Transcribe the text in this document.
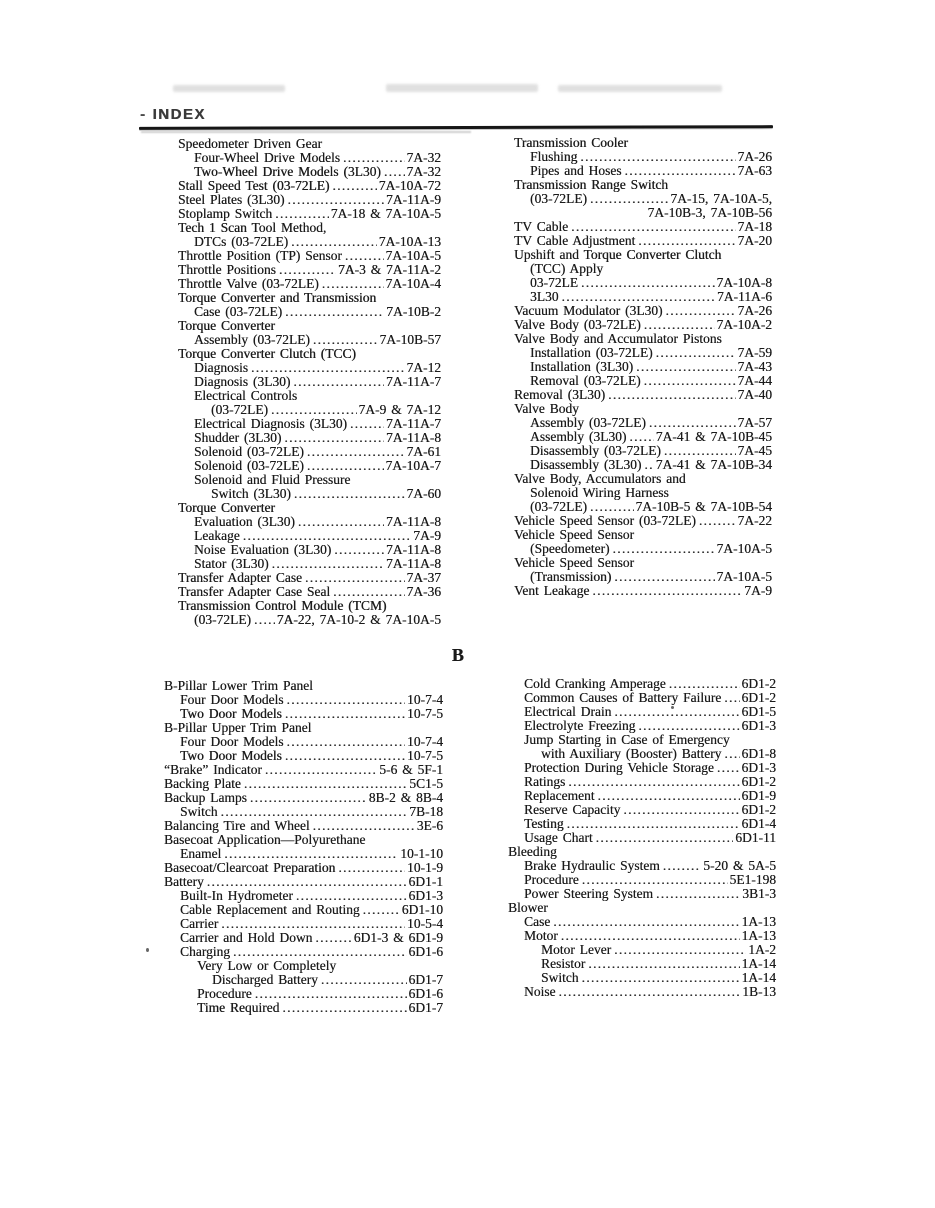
- INDEX
Speedometer Driven Gear
Four-Wheel Drive Models .....	7A-32
Two-Wheel Drive Models (3L30) ..... 7A-32
Stall Speed Test (03-72LE) .....	7A-10A-72
Steel Plates (3L30) .....	7A-11A-9
Stoplamp Switch .....	7A-18 & 7A-10A-5
Tech 1 Scan Tool Method,
DTCs (03-72LE) .....	7A-10A-13
Throttle Position (TP) Sensor .....	7A-10A-5
Throttle Positions .....	7A-3 & 7A-11A-2
Throttle Valve (03-72LE) .....	7A-10A-4
Torque Converter and Transmission
Case (03-72LE) .....	7A-10B-2
Torque Converter
Assembly (03-72LE) .....	7A-10B-57
Torque Converter Clutch (TCC)
Diagnosis .....	7A-12
Diagnosis (3L30) .....	7A-11A-7
Electrical Controls
(03-72LE) .....	7A-9 & 7A-12
Electrical Diagnosis (3L30) .....	7A-11A-7
Shudder (3L30) .....	7A-11A-8
Solenoid (03-72LE) .....	7A-61
Solenoid (03-72LE) .....	7A-10A-7
Solenoid and Fluid Pressure
Switch (3L30) .....	7A-60
Torque Converter
Evaluation (3L30) .....	7A-11A-8
Leakage .....	7A-9
Noise Evaluation (3L30) .....	7A-11A-8
Stator (3L30) .....	7A-11A-8
Transfer Adapter Case .....	7A-37
Transfer Adapter Case Seal .....	7A-36
Transmission Control Module (TCM)
(03-72LE) ..... 7A-22, 7A-10-2 & 7A-10A-5
Transmission Cooler
Flushing .....	7A-26
Pipes and Hoses .....	7A-63
Transmission Range Switch
(03-72LE) .....	7A-15, 7A-10A-5,
7A-10B-3, 7A-10B-56
TV Cable .....	7A-18
TV Cable Adjustment .....	7A-20
Upshift and Torque Converter Clutch
(TCC) Apply
03-72LE .....	7A-10A-8
3L30 .....	7A-11A-6
Vacuum Modulator (3L30) .....	7A-26
Valve Body (03-72LE) .....	7A-10A-2
Valve Body and Accumulator Pistons
Installation (03-72LE) .....	7A-59
Installation (3L30) .....	7A-43
Removal (03-72LE) .....	7A-44
Removal (3L30) .....	7A-40
Valve Body
Assembly (03-72LE) .....	7A-57
Assembly (3L30) ..... 7A-41 & 7A-10B-45
Disassembly (03-72LE) .....	7A-45
Disassembly (3L30) ..... 7A-41 & 7A-10B-34
Valve Body, Accumulators and
Solenoid Wiring Harness
(03-72LE) .....	7A-10B-5 & 7A-10B-54
Vehicle Speed Sensor (03-72LE) .....	7A-22
Vehicle Speed Sensor
(Speedometer) .....	7A-10A-5
Vehicle Speed Sensor
(Transmission) .....	7A-10A-5
Vent Leakage .....	7A-9
B
B-Pillar Lower Trim Panel
Four Door Models .....	10-7-4
Two Door Models .....	10-7-5
B-Pillar Upper Trim Panel
Four Door Models .....	10-7-4
Two Door Models .....	10-7-5
“Brake” Indicator .....	5-6 & 5F-1
Backing Plate .....	5C1-5
Backup Lamps .....	8B-2 & 8B-4
Switch .....	7B-18
Balancing Tire and Wheel .....	3E-6
Basecoat Application—Polyurethane
Enamel .....	10-1-10
Basecoat/Clearcoat Preparation .....	10-1-9
Battery .....	6D1-1
Built-In Hydrometer .....	6D1-3
Cable Replacement and Routing .....	6D1-10
Carrier .....	10-5-4
Carrier and Hold Down .....	6D1-3 & 6D1-9
Charging .....	6D1-6
Very Low or Completely
Discharged Battery .....	6D1-7
Procedure .....	6D1-6
Time Required .....	6D1-7
Cold Cranking Amperage .....	6D1-2
Common Causes of Battery Failure ..... 6D1-2
Electrical Drain .....	6D1-5
Electrolyte Freezing .....	6D1-3
Jump Starting in Case of Emergency
with Auxiliary (Booster) Battery ..... 6D1-8
Protection During Vehicle Storage ..... 6D1-3
Ratings .....	6D1-2
Replacement .....	6D1-9
Reserve Capacity .....	6D1-2
Testing .....	6D1-4
Usage Chart .....	6D1-11
Bleeding
Brake Hydraulic System .....	5-20 & 5A-5
Procedure .....	5E1-198
Power Steering System .....	3B1-3
Blower
Case .....	1A-13
Motor .....	1A-13
Motor Lever .....	1A-2
Resistor .....	1A-14
Switch .....	1A-14
Noise .....	1B-13
